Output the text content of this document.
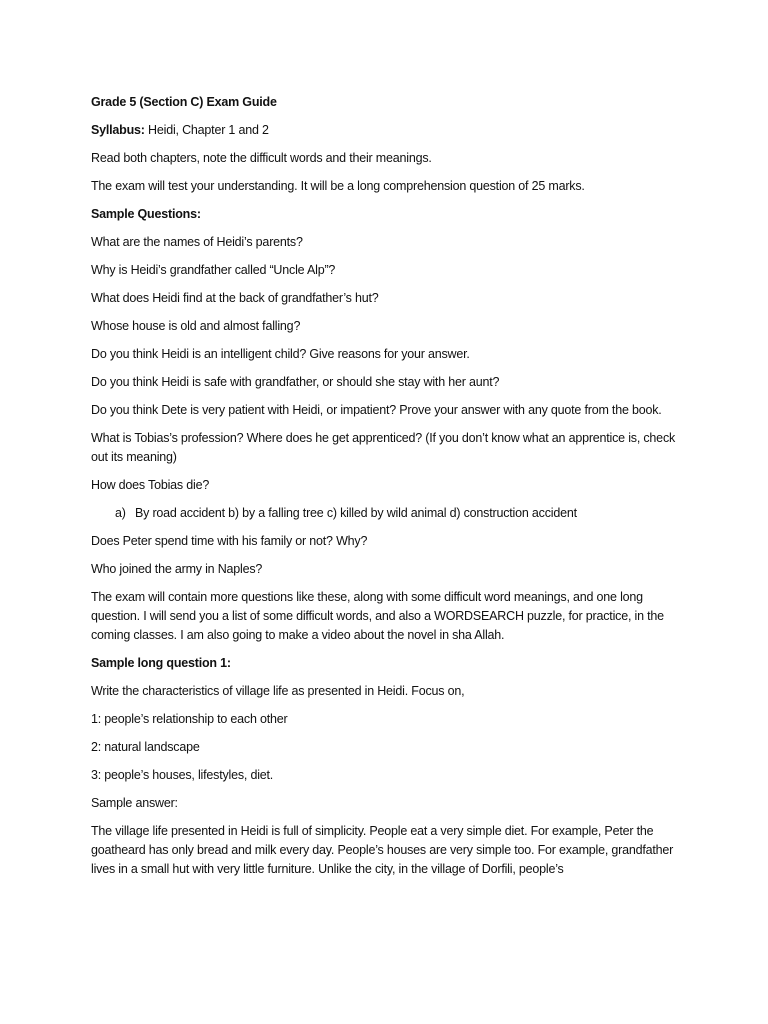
Grade 5 (Section C) Exam Guide

Syllabus: Heidi, Chapter 1 and 2

Read both chapters, note the difficult words and their meanings.

The exam will test your understanding. It will be a long comprehension question of 25 marks.

Sample Questions:

What are the names of Heidi’s parents?

Why is Heidi’s grandfather called “Uncle Alp”?

What does Heidi find at the back of grandfather’s hut?

Whose house is old and almost falling?

Do you think Heidi is an intelligent child? Give reasons for your answer.

Do you think Heidi is safe with grandfather, or should she stay with her aunt?

Do you think Dete is very patient with Heidi, or impatient? Prove your answer with any quote from the book.

What is Tobias’s profession? Where does he get apprenticed? (If you don’t know what an apprentice is, check out its meaning)

How does Tobias die?

a) By road accident b) by a falling tree c) killed by wild animal d) construction accident

Does Peter spend time with his family or not? Why?

Who joined the army in Naples?

The exam will contain more questions like these, along with some difficult word meanings, and one long question. I will send you a list of some difficult words, and also a WORDSEARCH puzzle, for practice, in the coming classes. I am also going to make a video about the novel in sha Allah.

Sample long question 1:

Write the characteristics of village life as presented in Heidi. Focus on,

1: people’s relationship to each other

2: natural landscape

3: people’s houses, lifestyles, diet.

Sample answer:

The village life presented in Heidi is full of simplicity. People eat a very simple diet. For example, Peter the goatheard has only bread and milk every day. People’s houses are very simple too. For example, grandfather lives in a small hut with very little furniture. Unlike the city, in the village of Dorfili, people’s
